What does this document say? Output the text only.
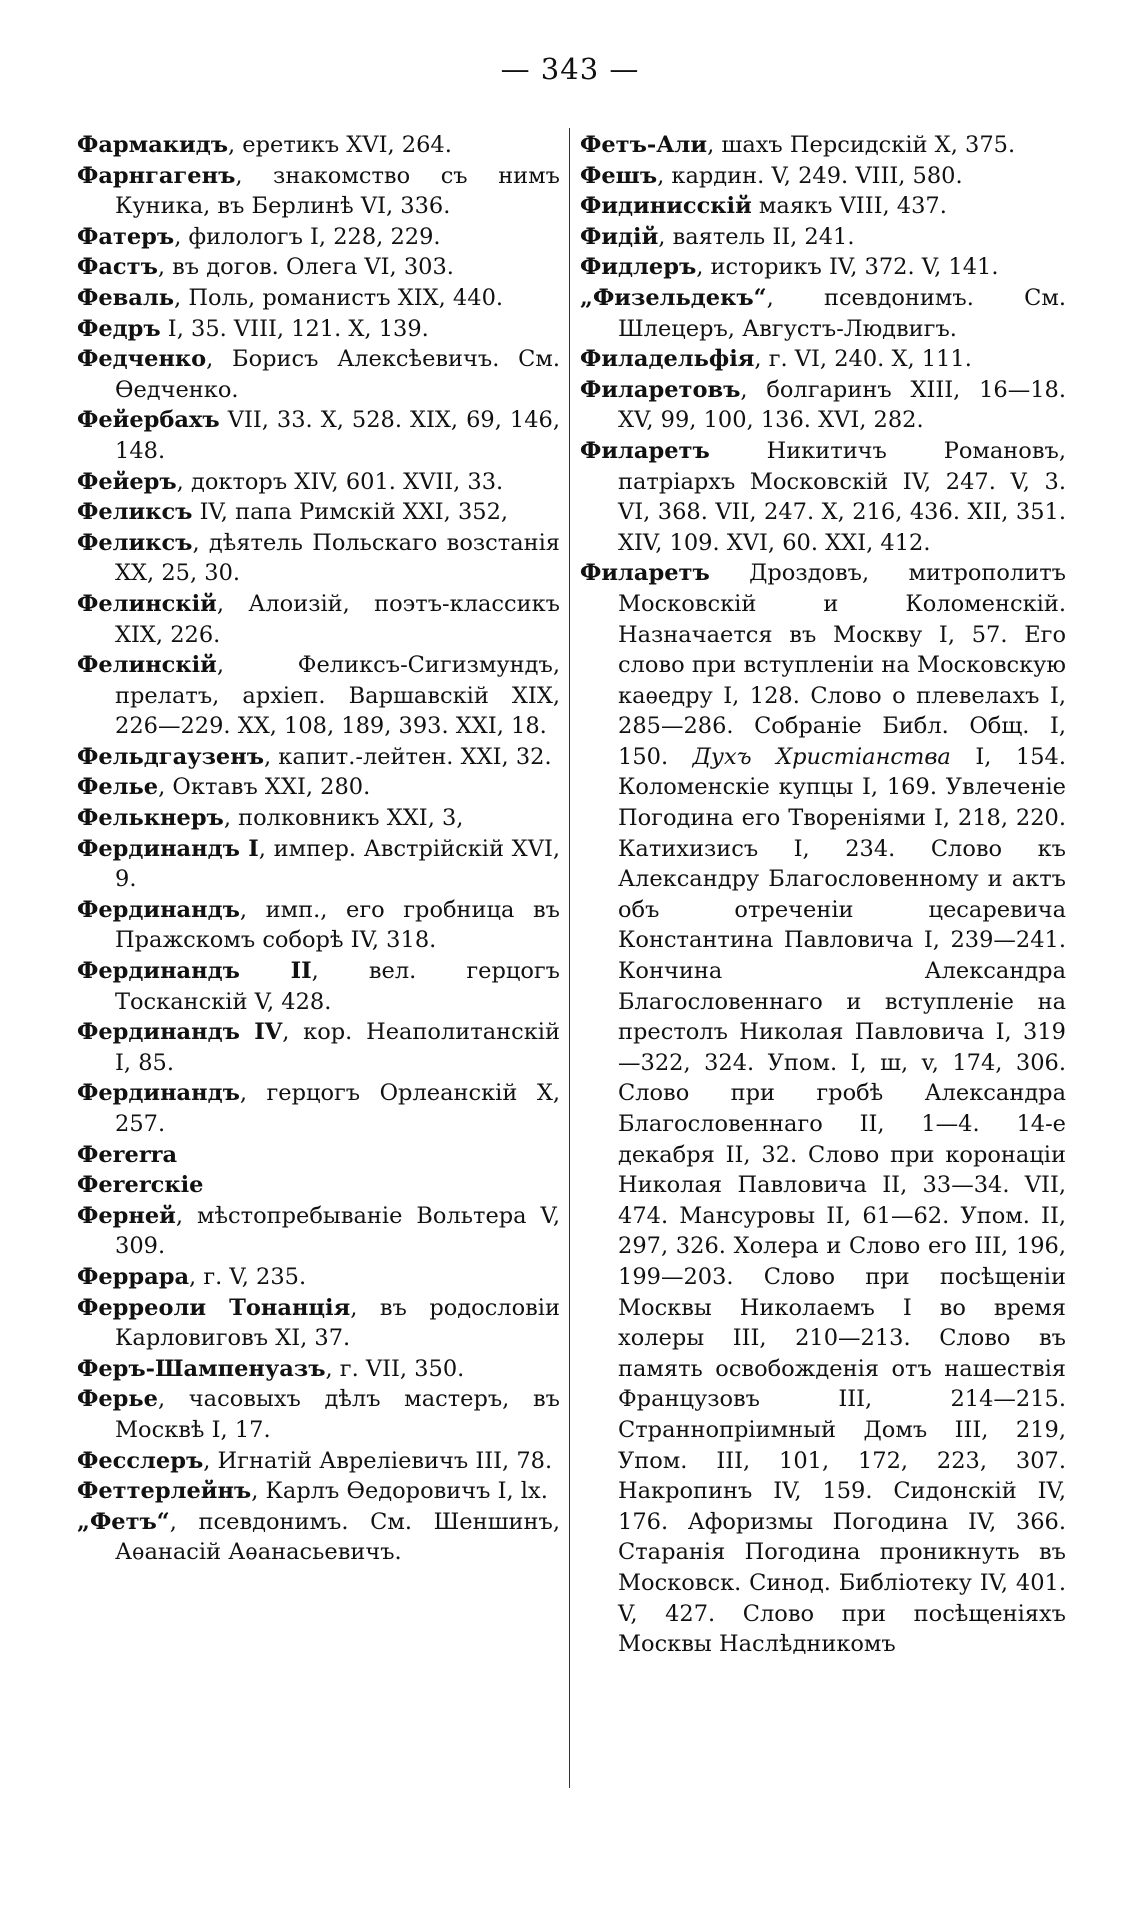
— 343 —

Фармакидъ, еретикъ XVI, 264.

Фарнгагенъ, знакомство съ нимъ Куника, въ Берлинѣ VI, 336.

Фатеръ, филологъ I, 228, 229.

Фастъ, въ догов. Олега VI, 303.

Феваль, Поль, романистъ XIX, 440.

Федръ I, 35. VIII, 121. X, 139.

Федченко, Борисъ Алексѣевичъ. См. Ѳедченко.

Фейербахъ VII, 33. X, 528. XIX, 69, 146, 148.

Фейеръ, докторъ XIV, 601. XVII, 33.

Феликсъ IV, папа Римскій XXI, 352,

Феликсъ, дѣятель Польскаго возстанія XX, 25, 30.

Фелинскій, Алоизій, поэтъ-классикъ XIX, 226.

Фелинскій, Феликсъ-Сигизмундъ, прелатъ, архіеп. Варшавскій XIX, 226—229. XX, 108, 189, 393. XXI, 18.

Фельдгаузенъ, капит.-лейтен. XXI, 32.

Фелье, Октавъ XXI, 280.

Фелькнеръ, полковникъ XXI, 3,

Фердинандъ I, импер. Австрійскій XVI, 9.

Фердинандъ, имп., его гробница въ Пражскомъ соборѣ IV, 318.

Фердинандъ II, вел. герцогъ Тосканскій V, 428.

Фердинандъ IV, кор. Неаполитанскій I, 85.

Фердинандъ, герцогъ Орлеанскій X, 257.

Фererra

Фererскіе

Ферней, мѣстопребываніе Вольтера V, 309.

Феррара, г. V, 235.

Ферреоли Тонанція, въ родословіи Карловиговъ XI, 37.

Феръ-Шампенуазъ, г. VII, 350.

Ферье, часовыхъ дѣлъ мастеръ, въ Москвѣ I, 17.

Фесслеръ, Игнатій Авреліевичъ III, 78.

Феттерлейнъ, Карлъ Ѳедоровичъ I, lx.

„Фетъ“, псевдонимъ. См. Шеншинъ, Аѳанасій Аѳанасьевичъ.

Фетъ-Али, шахъ Персидскій X, 375.

Фешъ, кардин. V, 249. VIII, 580.

Фидинисскій маякъ VIII, 437.

Фидій, ваятель II, 241.

Фидлеръ, историкъ IV, 372. V, 141.

„Физельдекъ“, псевдонимъ. См. Шлецеръ, Августъ-Людвигъ.

Филадельфія, г. VI, 240. X, 111.

Филаретовъ, болгаринъ XIII, 16—18. XV, 99, 100, 136. XVI, 282.

Филаретъ Никитичъ Романовъ, патріархъ Московскій IV, 247. V, 3. VI, 368. VII, 247. X, 216, 436. XII, 351. XIV, 109. XVI, 60. XXI, 412.

Филаретъ Дроздовъ, митрополитъ Московскій и Коломенскій. Назначается въ Москву I, 57. Его слово при вступленіи на Московскую каѳедру I, 128. Слово о плевелахъ I, 285—286. Собраніе Библ. Общ. I, 150. Духъ Христіанства I, 154. Коломенскіе купцы I, 169. Увлеченіе Погодина его Твореніями I, 218, 220. Катихизисъ I, 234. Слово къ Александру Благословенному и актъ объ отреченіи цесаревича Константина Павловича I, 239—241. Кончина Александра Благословеннаго и вступленіе на престолъ Николая Павловича I, 319—322, 324. Упом. I, ш, v, 174, 306. Слово при гробѣ Александра Благословеннаго II, 1—4. 14-е декабря II, 32. Слово при коронаціи Николая Павловича II, 33—34. VII, 474. Мансуровы II, 61—62. Упом. II, 297, 326. Холера и Слово его III, 196, 199—203. Слово при посѣщеніи Москвы Николаемъ I во время холеры III, 210—213. Слово въ память освобожденія отъ нашествія Французовъ III, 214—215. Страннопріимный Домъ III, 219, Упом. III, 101, 172, 223, 307. Накропинъ IV, 159. Сидонскій IV, 176. Афоризмы Погодина IV, 366. Старанія Погодина проникнуть въ Московск. Синод. Библіотеку IV, 401. V, 427. Слово при посѣщеніяхъ Москвы Наслѣдникомъ
